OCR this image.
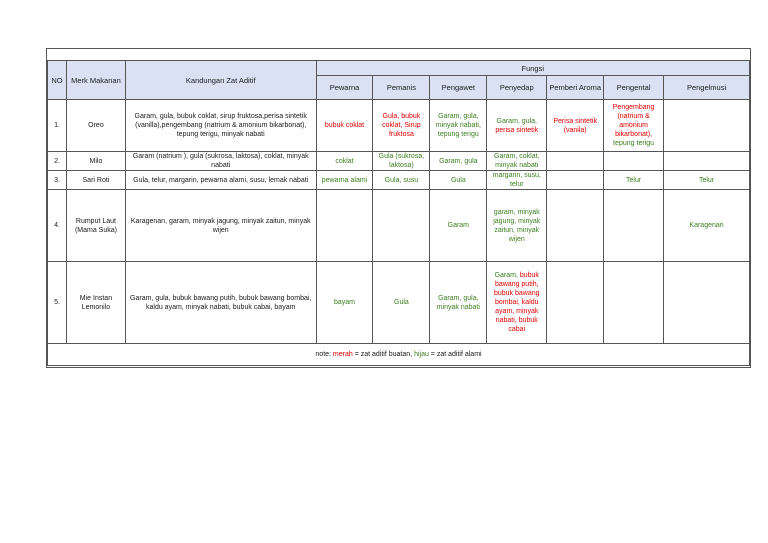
NO	Merk Makanan	Kandungan Zat Aditif	Fungsi						
			Pewarna	Pemanis	Pengawet	Penyedap	Pemberi Aroma	Pengental	Pengelmusi
1.	Oreo	Garam, gula, bubuk coklat, sirup fruktosa,perisa sintetik (vanilla),pengembang (natrium & amonium bikarbonat), tepung terigu, minyak nabati	bubuk coklat	Gula, bubuk coklat, Sirup fruktosa	Garam, gula, minyak nabati, tepung terigu	Garam, gula, perisa sintetik	Perisa sintetik (vanila)	Pengembang (natrium & amonium bikarbonat), tepung terigu	
2.	Milo	Garam (natrium ), gula (sukrosa, laktosa), coklat, minyak nabati	coklat	Gula (sukrosa, laktosa)	Garam, gula	Garam, coklat, minyak nabati			
3.	Sari Roti	Gula, telur, margarin, pewarna alami, susu, lemak nabati	pewarna alami	Gula, susu	Gula	margarin, susu, telur		Telur	Telur
4.	Rumput Laut (Mama Suka)	Karagenan, garam, minyak jagung, minyak zaitun, minyak wijen			Garam	garam, minyak jagung, minyak zaitun, minyak wijen			Karagenan
5.	Mie Instan Lemonilo	Garam, gula, bubuk bawang putih, bubuk bawang bombai, kaldu ayam, minyak nabati, bubuk cabai, bayam	bayam	Gula	Garam, gula, minyak nabati	Garam, bubuk bawang putih, bubuk bawang bombai, kaldu ayam, minyak nabati, bubuk cabai			
note: merah = zat aditif buatan, hijau = zat aditif alami									
